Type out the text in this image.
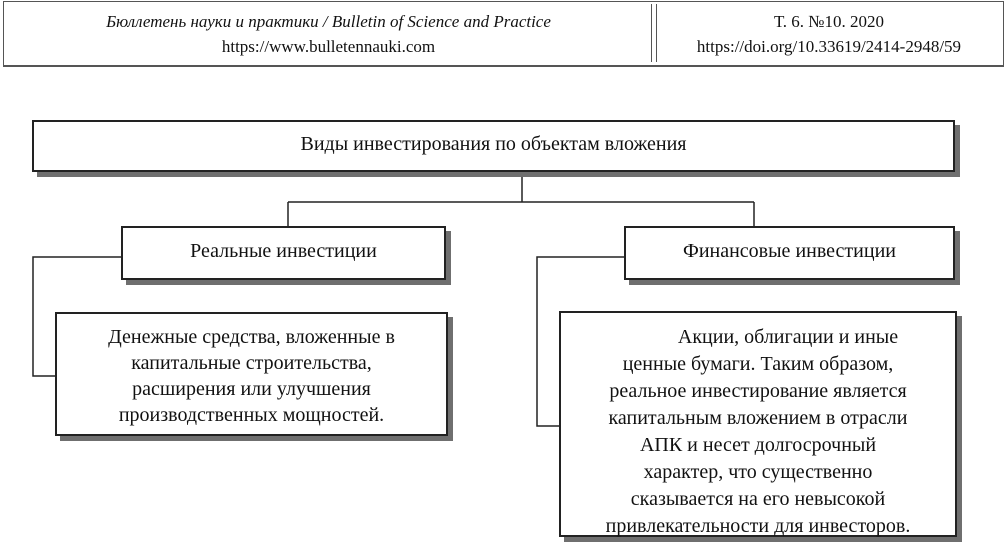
Бюллетень науки и практики / Bulletin of Science and Practice
https://www.bulletennauki.com
Т. 6. №10. 2020
https://doi.org/10.33619/2414-2948/59
Виды инвестирования по объектам вложения
Реальные инвестиции	Финансовые инвестиции
Денежные средства, вложенные в
капитальные строительства,
расширения или улучшения
производственных мощностей.
Акции, облигации и иные
ценные бумаги. Таким образом,
реальное инвестирование является
капитальным вложением в отрасли
АПК и несет долгосрочный
характер, что существенно
сказывается на его невысокой
привлекательности для инвесторов.
